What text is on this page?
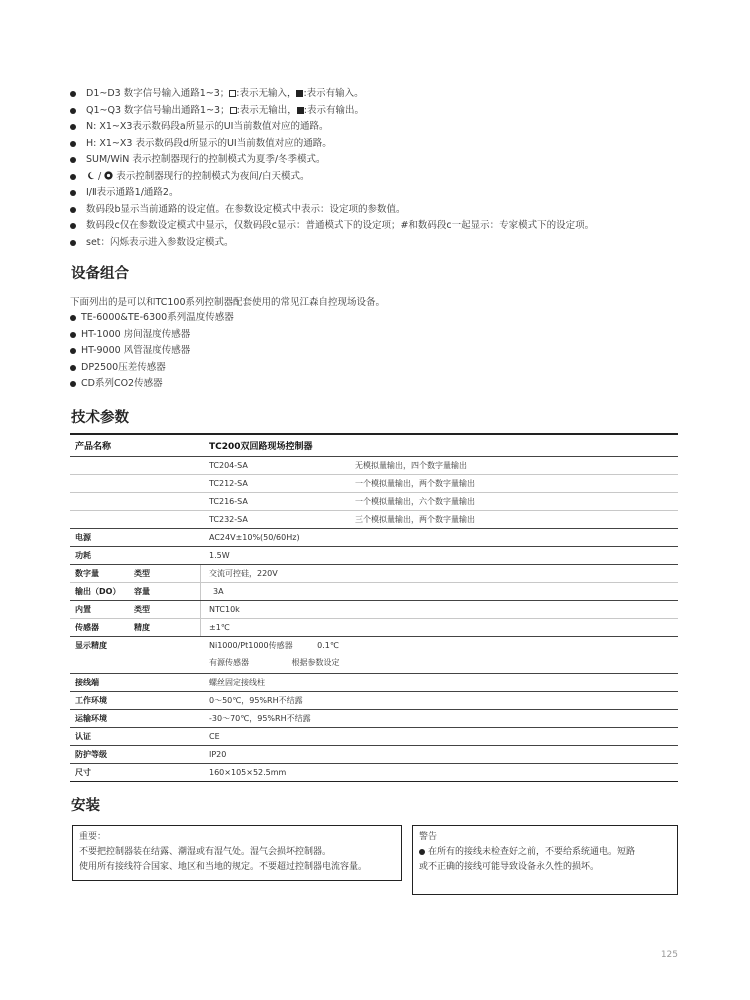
D1~D3 数字信号输入通路1~3； :表示无输入， :表示有输入。
Q1~Q3 数字信号输出通路1~3； :表示无输出， :表示有输出。
N: X1~X3表示数码段a所显示的UI当前数值对应的通路。
H: X1~X3 表示数码段d所显示的UI当前数值对应的通路。
SUM/WiN 表示控制器现行的控制模式为夏季/冬季模式。
/  表示控制器现行的控制模式为夜间/白天模式。
Ⅰ/Ⅱ表示通路1/通路2。
数码段b显示当前通路的设定值。在参数设定模式中表示：设定项的参数值。
数码段c仅在参数设定模式中显示，仅数码段c显示：普通模式下的设定项；#和数码段c一起显示：专家模式下的设定项。
set：闪烁表示进入参数设定模式。
设备组合
下面列出的是可以和TC100系列控制器配套使用的常见江森自控现场设备。
TE-6000&TE-6300系列温度传感器
HT-1000 房间湿度传感器
HT-9000 风管湿度传感器
DP2500压差传感器
CD系列CO2传感器
技术参数
产品名称	TC200双回路现场控制器
TC204-SA	无模拟量输出，四个数字量输出
TC212-SA	一个模拟量输出，两个数字量输出
TC216-SA	一个模拟量输出，六个数字量输出
TC232-SA	三个模拟量输出，两个数字量输出
电源	AC24V±10%(50/60Hz)
功耗	1.5W
数字量	类型	交流可控硅，220V
输出（DO） 容量	3A
内置	类型	NTC10k
传感器	精度	±1℃
显示精度	Ni1000/Pt1000传感器	0.1℃
有源传感器	根据参数设定
接线端	螺丝固定接线柱
工作环境	0～50℃，95%RH不结露
运输环境	-30～70℃，95%RH不结露
认证	CE
防护等级	IP20
尺寸	160×105×52.5mm
安装
重要：
不要把控制器装在结露、潮湿或有湿气处。湿气会损坏控制器。
使用所有接线符合国家、地区和当地的规定。不要超过控制器电流容量。
警告
在所有的接线未检查好之前，不要给系统通电。短路
或不正确的接线可能导致设备永久性的损坏。
125
